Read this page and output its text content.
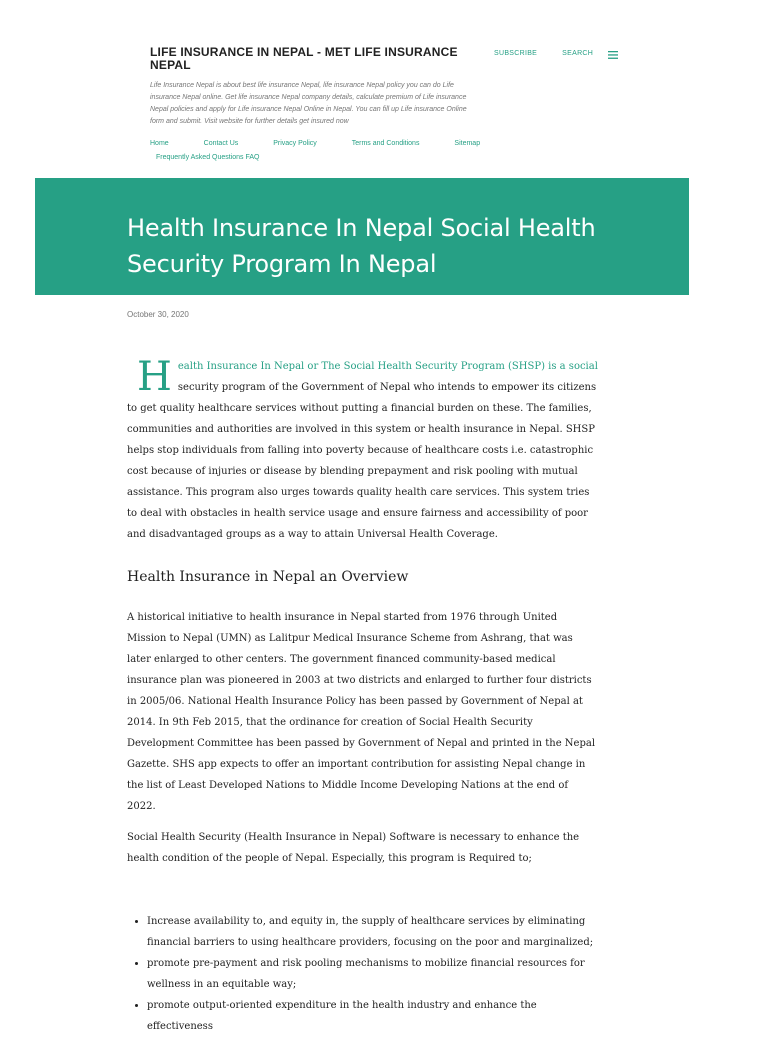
LIFE INSURANCE IN NEPAL - MET LIFE INSURANCE NEPAL
Life Insurance Nepal is about best life insurance Nepal, life insurance Nepal policy you can do Life insurance Nepal online. Get life insurance Nepal company details, calculate premium of Life insurance Nepal policies and apply for Life insurance Nepal Online in Nepal. You can fill up Life insurance Online form and submit. Visit website for further details get insured now
SUBSCRIBE	SEARCH
Home	Contact Us	Privacy Policy	Terms and Conditions	Sitemap
Frequently Asked Questions FAQ
Health Insurance In Nepal Social Health Security Program In Nepal
October 30, 2020

H ealth Insurance In Nepal or The Social Health Security Program (SHSP) is a social security program of the Government of Nepal who intends to empower its citizens to get quality healthcare services without putting a financial burden on these. The families, communities and authorities are involved in this system or health insurance in Nepal. SHSP helps stop individuals from falling into poverty because of healthcare costs i.e. catastrophic cost because of injuries or disease by blending prepayment and risk pooling with mutual assistance. This program also urges towards quality health care services. This system tries to deal with obstacles in health service usage and ensure fairness and accessibility of poor and disadvantaged groups as a way to attain Universal Health Coverage.

Health Insurance in Nepal an Overview

A historical initiative to health insurance in Nepal started from 1976 through United Mission to Nepal (UMN) as Lalitpur Medical Insurance Scheme from Ashrang, that was later enlarged to other centers. The government financed community-based medical insurance plan was pioneered in 2003 at two districts and enlarged to further four districts in 2005/06. National Health Insurance Policy has been passed by Government of Nepal at 2014. In 9th Feb 2015, that the ordinance for creation of Social Health Security Development Committee has been passed by Government of Nepal and printed in the Nepal Gazette. SHS app expects to offer an important contribution for assisting Nepal change in the list of Least Developed Nations to Middle Income Developing Nations at the end of 2022.

Social Health Security (Health Insurance in Nepal) Software is necessary to enhance the health condition of the people of Nepal. Especially, this program is Required to;

• Increase availability to, and equity in, the supply of healthcare services by eliminating financial barriers to using healthcare providers, focusing on the poor and marginalized;
• promote pre-payment and risk pooling mechanisms to mobilize financial resources for wellness in an equitable way;
• promote output-oriented expenditure in the health industry and enhance the effectiveness
